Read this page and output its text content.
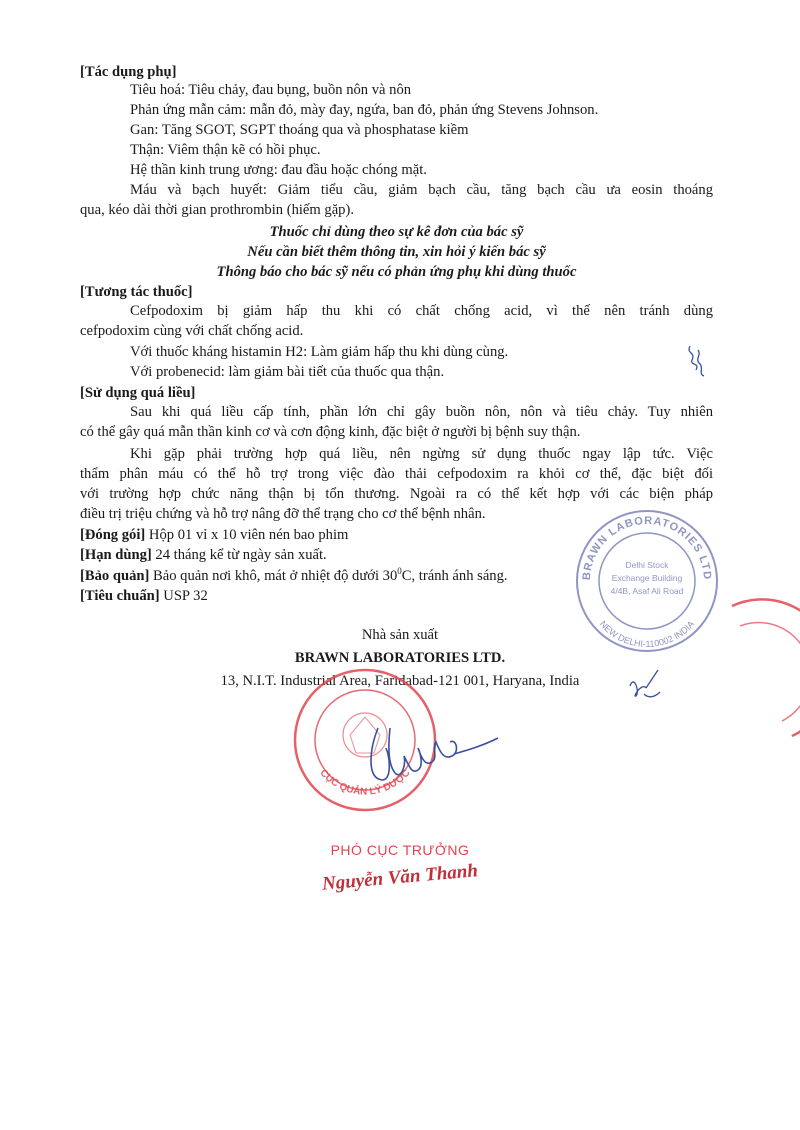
[Tác dụng phụ]
Tiêu hoá: Tiêu chảy, đau bụng, buồn nôn và nôn
Phản ứng mẫn cảm: mẫn đỏ, mày đay, ngứa, ban đỏ, phản ứng Stevens Johnson.
Gan: Tăng SGOT, SGPT thoáng qua và phosphatase kiềm
Thận: Viêm thận kẽ có hồi phục.
Hệ thần kinh trung ương: đau đầu hoặc chóng mặt.
Máu và bạch huyết: Giảm tiểu cầu, giảm bạch cầu, tăng bạch cầu ưa eosin thoáng
qua, kéo dài thời gian prothrombin (hiếm gặp).
Thuốc chỉ dùng theo sự kê đơn của bác sỹ
Nếu cần biết thêm thông tin, xin hỏi ý kiến bác sỹ
Thông báo cho bác sỹ nếu có phản ứng phụ khi dùng thuốc
[Tương tác thuốc]
Cefpodoxim bị giảm hấp thu khi có chất chống acid, vì thế nên tránh dùng
cefpodoxim cùng với chất chống acid.
Với thuốc kháng histamin H2: Làm giảm hấp thu khi dùng cùng.
Với probenecid: làm giảm bài tiết của thuốc qua thận.
[Sử dụng quá liều]
Sau khi quá liều cấp tính, phần lớn chỉ gây buồn nôn, nôn và tiêu chảy. Tuy nhiên
có thể gây quá mẫn thần kinh cơ và cơn động kinh, đặc biệt ở người bị bệnh suy thận.
Khi gặp phải trường hợp quá liều, nên ngừng sử dụng thuốc ngay lập tức. Việc
thẩm phân máu có thể hỗ trợ trong việc đào thải cefpodoxim ra khỏi cơ thể, đặc biệt đối
với trường hợp chức năng thận bị tổn thương. Ngoài ra có thể kết hợp với các biện pháp
điều trị triệu chứng và hỗ trợ nâng đỡ thể trạng cho cơ thể bệnh nhân.
[Đóng gói] Hộp 01 vỉ x 10 viên nén bao phim
[Hạn dùng] 24 tháng kể từ ngày sản xuất.
[Bảo quản] Bảo quản nơi khô, mát ở nhiệt độ dưới $30^0C$, tránh ánh sáng.
[Tiêu chuẩn] USP 32
BRAWN LABORATORIES LTD
NEW DELHI-110002 INDIA
Delhi Stock
Exchange Building
4/4B, Asaf Ali Road
Nhà sản xuất
BRAWN LABORATORIES LTD.
13, N.I.T. Industrial Area, Faridabad-121 001, Haryana, India
CỤC QUẢN LÝ DƯỢC
PHÓ CỤC TRƯỞNG
Nguyễn Văn Thanh
